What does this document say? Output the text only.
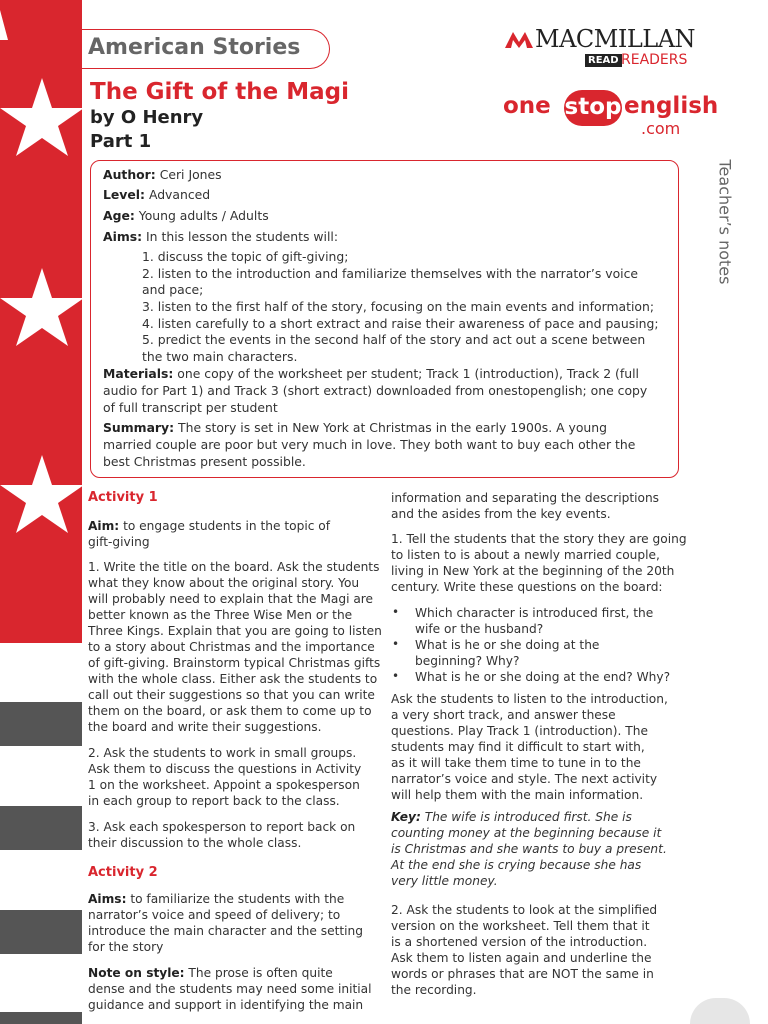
American Stories
The Gift of the Magi
by O Henry
Part 1
MACMILLAN
READ READERS
one stop english
.com
Teacher’s notes
Author: Ceri Jones
Level: Advanced
Age: Young adults / Adults
Aims: In this lesson the students will:
1. discuss the topic of gift-giving;
2. listen to the introduction and familiarize themselves with the narrator’s voice
and pace;
3. listen to the first half of the story, focusing on the main events and information;
4. listen carefully to a short extract and raise their awareness of pace and pausing;
5. predict the events in the second half of the story and act out a scene between
the two main characters.
Materials: one copy of the worksheet per student; Track 1 (introduction), Track 2 (full
audio for Part 1) and Track 3 (short extract) downloaded from onestopenglish; one copy
of full transcript per student
Summary: The story is set in New York at Christmas in the early 1900s. A young
married couple are poor but very much in love. They both want to buy each other the
best Christmas present possible.
Activity 1
Aim: to engage students in the topic of
gift-giving
1. Write the title on the board. Ask the students
what they know about the original story. You
will probably need to explain that the Magi are
better known as the Three Wise Men or the
Three Kings. Explain that you are going to listen
to a story about Christmas and the importance
of gift-giving. Brainstorm typical Christmas gifts
with the whole class. Either ask the students to
call out their suggestions so that you can write
them on the board, or ask them to come up to
the board and write their suggestions.
2. Ask the students to work in small groups.
Ask them to discuss the questions in Activity
1 on the worksheet. Appoint a spokesperson
in each group to report back to the class.
3. Ask each spokesperson to report back on
their discussion to the whole class.
Activity 2
Aims: to familiarize the students with the
narrator’s voice and speed of delivery; to
introduce the main character and the setting
for the story
Note on style: The prose is often quite
dense and the students may need some initial
guidance and support in identifying the main
information and separating the descriptions
and the asides from the key events.
1. Tell the students that the story they are going
to listen to is about a newly married couple,
living in New York at the beginning of the 20th
century. Write these questions on the board:
• Which character is introduced first, the
wife or the husband?
• What is he or she doing at the
beginning? Why?
• What is he or she doing at the end? Why?
Ask the students to listen to the introduction,
a very short track, and answer these
questions. Play Track 1 (introduction). The
students may find it difficult to start with,
as it will take them time to tune in to the
narrator’s voice and style. The next activity
will help them with the main information.
Key: The wife is introduced first. She is
counting money at the beginning because it
is Christmas and she wants to buy a present.
At the end she is crying because she has
very little money.
2. Ask the students to look at the simplified
version on the worksheet. Tell them that it
is a shortened version of the introduction.
Ask them to listen again and underline the
words or phrases that are NOT the same in
the recording.
